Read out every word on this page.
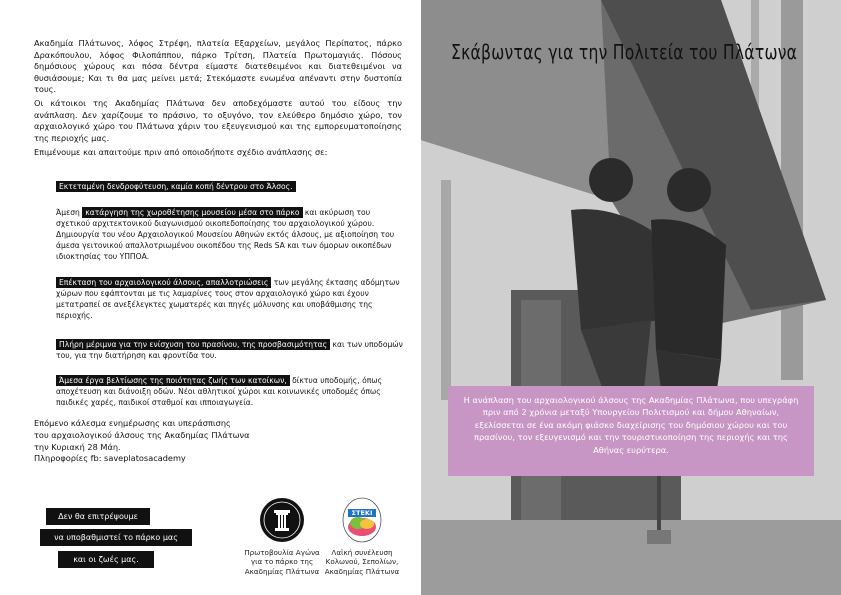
Ακαδημία Πλάτωνος, λόφος Στρέφη, πλατεία Εξαρχείων, μεγάλος Περίπατος, πάρκο Δρακόπουλου, λόφος Φιλοπάππου, πάρκο Τρίτση, Πλατεία Πρωτομαγιάς. Πόσους δημόσιους χώρους και πόσα δέντρα είμαστε διατεθειμένοι και διατεθειμένοι να θυσιάσουμε; Και τι θα μας μείνει μετά; Στεκόμαστε ενωμένα απέναντι στην δυστοπία τους.

Οι κάτοικοι της Ακαδημίας Πλάτωνα δεν αποδεχόμαστε αυτού του είδους την ανάπλαση. Δεν χαρίζουμε το πράσινο, το οξυγόνο, τον ελεύθερο δημόσιο χώρο, τον αρχαιολογικό χώρο του Πλάτωνα χάριν του εξευγενισμού και της εμπορευματοποίησης της περιοχής μας.

Επιμένουμε και απαιτούμε πριν από οποιοδήποτε σχέδιο ανάπλασης σε:

Εκτεταμένη δενδροφύτευση, καμία κοπή δέντρου στο Άλσος.

Άμεση κατάργηση της χωροθέτησης μουσείου μέσα στο πάρκο και ακύρωση του σχετικού αρχιτεκτονικού διαγωνισμού οικοπεδοποίησης του αρχαιολογικού χώρου. Δημιουργία του νέου Αρχαιολογικού Μουσείου Αθηνών εκτός άλσους, με αξιοποίηση του άμεσα γειτονικού απαλλοτριωμένου οικοπέδου της Reds SA και των όμορων οικοπέδων ιδιοκτησίας του ΥΠΠΟΑ.

Επέκταση του αρχαιολογικού άλσους, απαλλοτριώσεις των μεγάλης έκτασης αδόμητων χώρων που εφάπτονται με τις λαμαρίνες τους στον αρχαιολογικό χώρο και έχουν μετατραπεί σε ανεξέλεγκτες χωματερές και πηγές μόλυνσης και υποβάθμισης της περιοχής.

Πλήρη μέριμνα για την ενίσχυση του πρασίνου, της προσβασιμότητας και των υποδομών του, για την διατήρηση και φροντίδα του.

Άμεσα έργα βελτίωσης της ποιότητας ζωής των κατοίκων, δίκτυα υποδομής, όπως αποχέτευση και διάνοιξη οδών. Νέοι αθλητικοί χώροι και κοινωνικές υποδομές όπως παιδικές χαρές, παιδικοί σταθμοί και ιπποιαγωγεία.

Επόμενο κάλεσμα ενημέρωσης και υπεράσπισης
του αρχαιολογικού άλσους της Ακαδημίας Πλάτωνα
την Κυριακή 28 Μάη.
Πληροφορίες fb: saveplatosacademy
Δεν θα επιτρέψουμε
να υποβαθμιστεί το πάρκο μας
και οι ζωές μας.
Πρωτοβουλία Αγώνα
για το πάρκο της
Ακαδημίας Πλάτωνα
ΣΤΕΚΙ
Λαϊκή συνέλευση
Κολωνού, Σεπολίων,
Ακαδημίας Πλάτωνα
Σκάβωντας για την Πολιτεία του Πλάτωνα
Η ανάπλαση του αρχαιολογικού άλσους της Ακαδημίας Πλάτωνα, που υπεγράφη πριν από 2 χρόνια μεταξύ Υπουργείου Πολιτισμού και δήμου Αθηναίων, εξελίσσεται σε ένα ακόμη φιάσκο διαχείρισης του δημόσιου χώρου και του πρασίνου, τον εξευγενισμό και την τουριστικοποίηση της περιοχής και της Αθήνας ευρύτερα.
